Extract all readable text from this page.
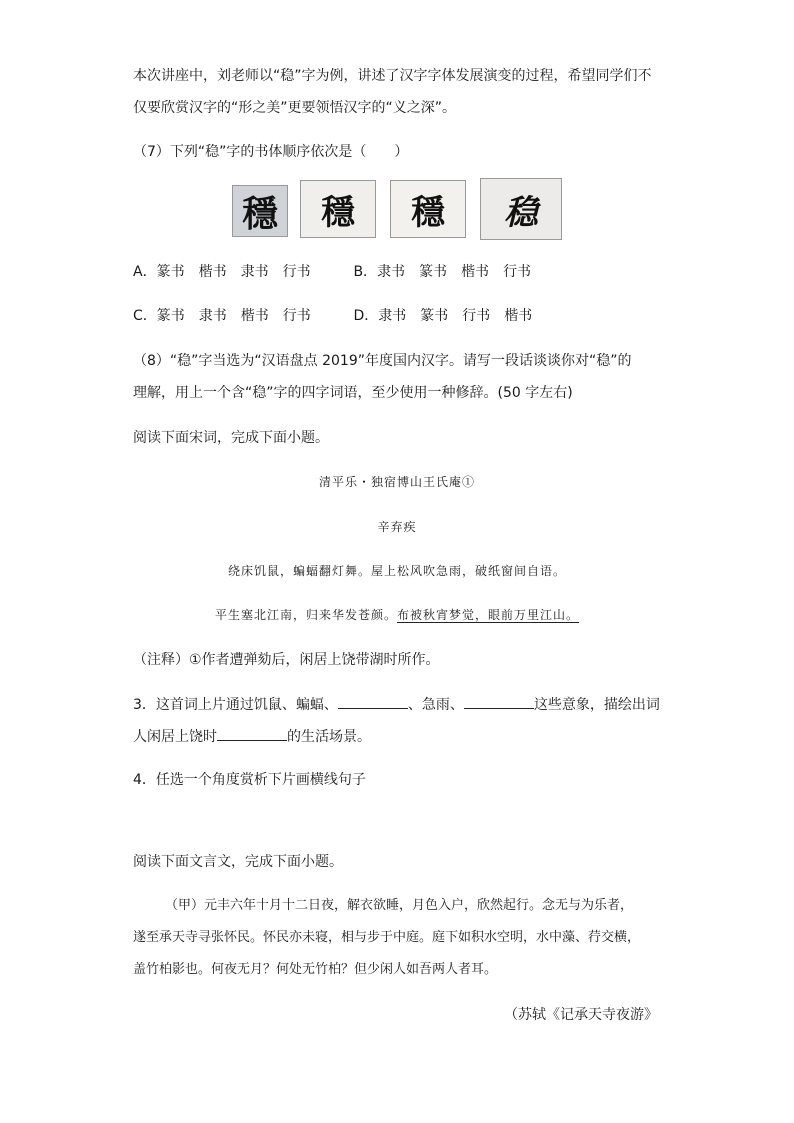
本次讲座中，刘老师以“稳”字为例，讲述了汉字字体发展演变的过程，希望同学们不
仅要欣赏汉字的“形之美”更要领悟汉字的“义之深”。
（7）下列“稳”字的书体顺序依次是（　　）
穩	穩	穩	稳
A．篆书 楷书 隶书 行书	B．隶书 篆书 楷书 行书
C．篆书 隶书 楷书 行书	D．隶书 篆书 行书 楷书
（8）“稳”字当选为“汉语盘点 2019”年度国内汉字。请写一段话谈谈你对“稳”的
理解，用上一个含“稳”字的四字词语，至少使用一种修辞。(50 字左右)
阅读下面宋词，完成下面小题。
清平乐・独宿博山王氏庵①
辛弃疾
绕床饥鼠，蝙蝠翻灯舞。屋上松风吹急雨，破纸窗间自语。
平生塞北江南，归来华发苍颜。布被秋宵梦觉，眼前万里江山。
（注释）①作者遭弹劾后，闲居上饶带湖时所作。
3．这首词上片通过饥鼠、蝙蝠、	、急雨、	这些意象，描绘出词
人闲居上饶时	的生活场景。
4．任选一个角度赏析下片画横线句子
阅读下面文言文，完成下面小题。
（甲）元丰六年十月十二日夜，解衣欲睡，月色入户，欣然起行。念无与为乐者，
遂至承天寺寻张怀民。怀民亦未寝，相与步于中庭。庭下如积水空明，水中藻、荇交横，
盖竹柏影也。何夜无月？何处无竹柏？但少闲人如吾两人者耳。
（苏轼《记承天寺夜游》
